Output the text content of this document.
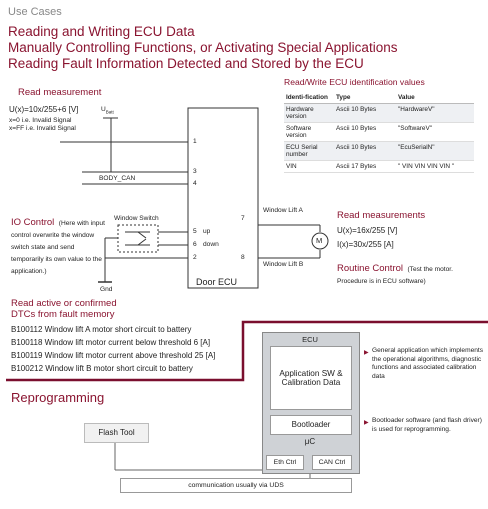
Use Cases
Reading and Writing ECU Data
Manually Controlling Functions, or Activating Special Applications
Reading Fault Information Detected and Stored by the ECU
Read measurement
U(x)=10x/255+6 [V]
x=0 i.e. Invalid Signal
x=FF i.e. Invalid Signal
$U_{Batt}$
Read/Write ECU identification values
Identi-fication	Type	Value
Hardware version	Ascii 10 Bytes	"HardwareV"
Software version	Ascii 10 Bytes	"SoftwareV"
ECU Serial number	Ascii 10 Bytes	"EcuSerialN"
VIN	Ascii 17 Bytes	" VIN VIN VIN VIN "
BODY_CAN
Window Switch
up
down
Gnd
Door ECU
1
3
4
5
6
2
7
8
Window Lift A
Window Lift B
M
IO Control (Here with input control overwrite the window switch state and send temporarily its own value to the application.)
Read measurements
U(x)=16x/255 [V]
I(x)=30x/255 [A]
Routine Control (Test the motor. Procedure is in ECU software)
Read active or confirmed
DTCs from fault memory
B100112 Window lift A motor short circuit to battery
B100118 Window lift motor current below threshold 6 [A]
B100119 Window lift motor current above threshold 25 [A]
B100212 Window lift B motor short circuit to battery
Reprogramming
Flash Tool
communication usually via UDS
ECU
Application SW & Calibration Data
Bootloader
μC
Eth Ctrl	CAN Ctrl
▶ General application which implements the operational algorithms, diagnostic functions and associated calibration data
▶ Bootloader software (and flash driver) is used for reprogramming.
